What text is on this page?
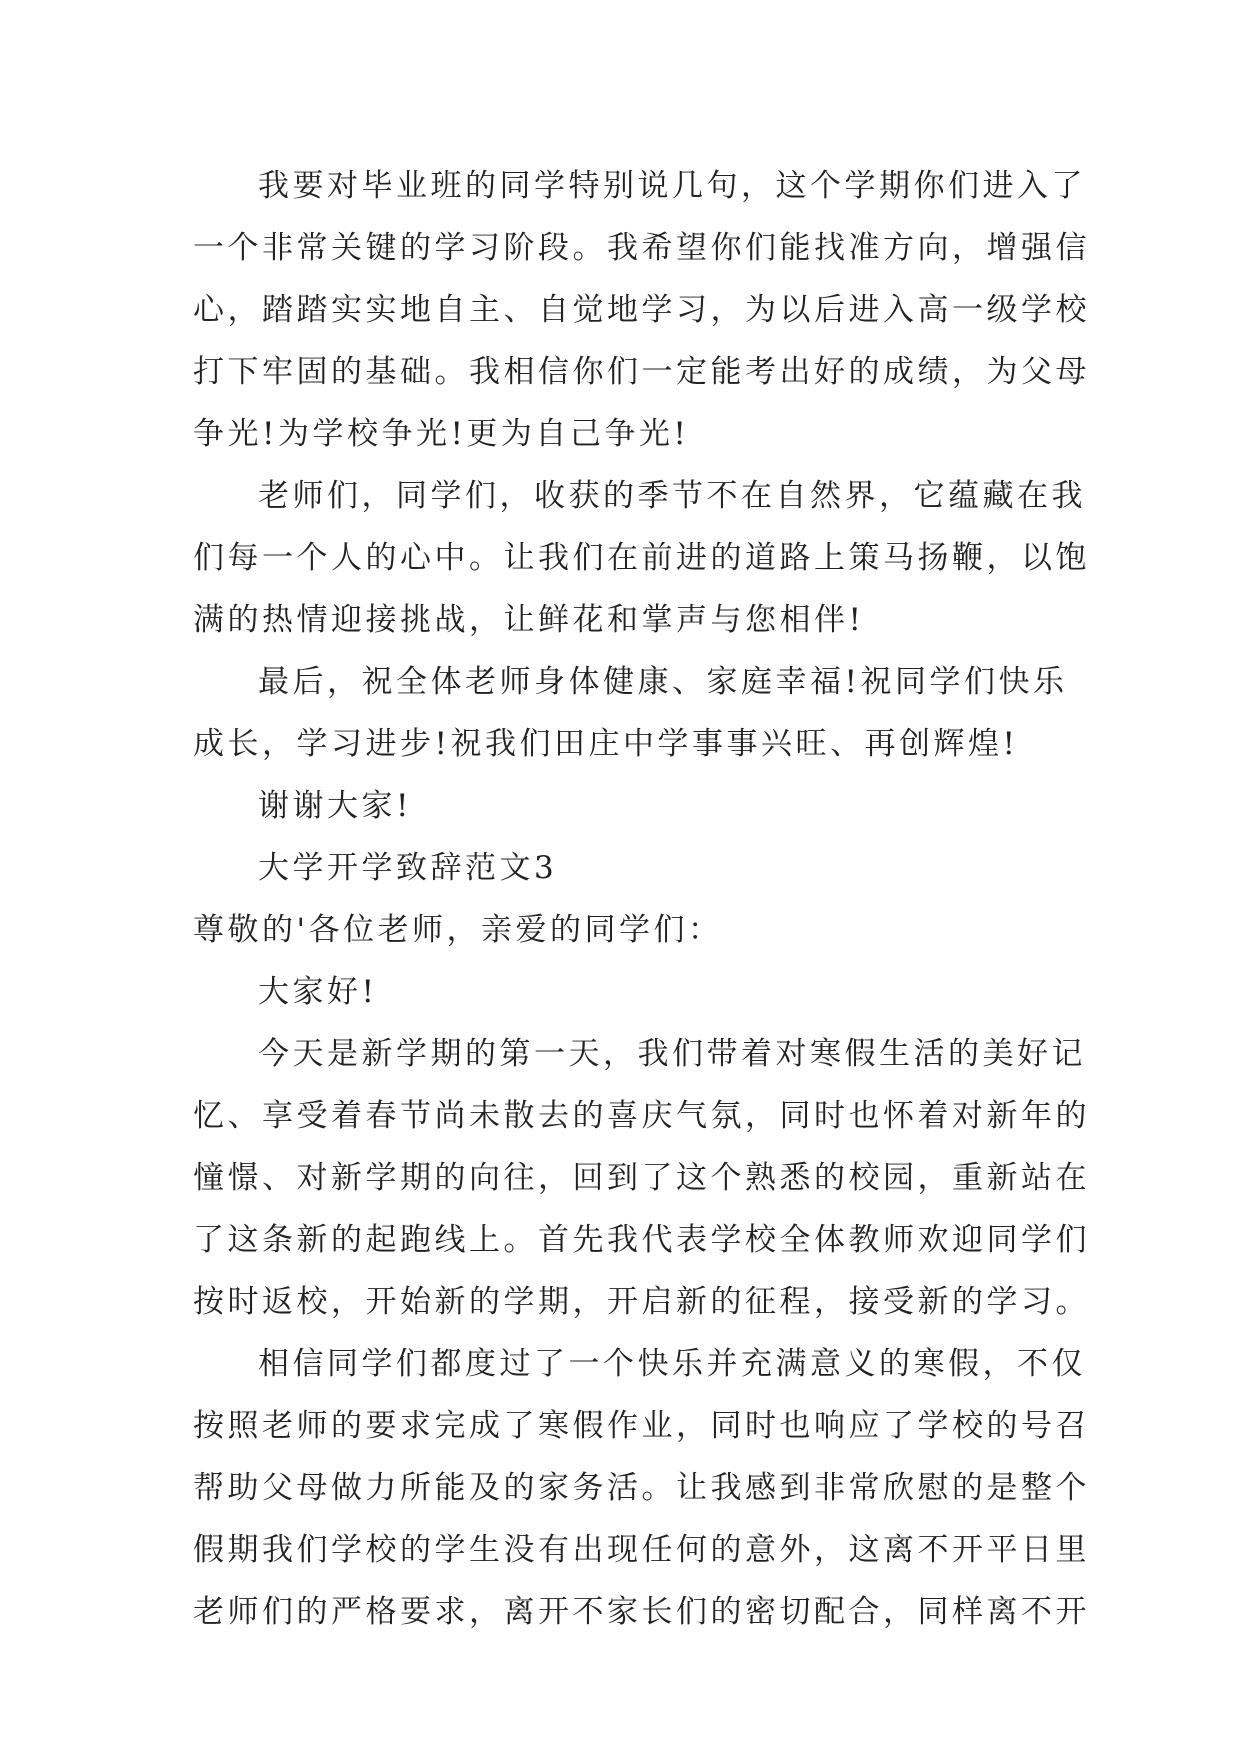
我要对毕业班的同学特别说几句，这个学期你们进入了
一个非常关键的学习阶段。我希望你们能找准方向，增强信
心，踏踏实实地自主、自觉地学习，为以后进入高一级学校
打下牢固的基础。我相信你们一定能考出好的成绩，为父母
争光!为学校争光!更为自己争光!
老师们，同学们，收获的季节不在自然界，它蕴藏在我
们每一个人的心中。让我们在前进的道路上策马扬鞭，以饱
满的热情迎接挑战，让鲜花和掌声与您相伴!
最后，祝全体老师身体健康、家庭幸福!祝同学们快乐
成长，学习进步!祝我们田庄中学事事兴旺、再创辉煌!
谢谢大家!
大学开学致辞范文3
尊敬的'各位老师，亲爱的同学们：
大家好!
今天是新学期的第一天，我们带着对寒假生活的美好记
忆、享受着春节尚未散去的喜庆气氛，同时也怀着对新年的
憧憬、对新学期的向往，回到了这个熟悉的校园，重新站在
了这条新的起跑线上。首先我代表学校全体教师欢迎同学们
按时返校，开始新的学期，开启新的征程，接受新的学习。
相信同学们都度过了一个快乐并充满意义的寒假，不仅
按照老师的要求完成了寒假作业，同时也响应了学校的号召
帮助父母做力所能及的家务活。让我感到非常欣慰的是整个
假期我们学校的学生没有出现任何的意外，这离不开平日里
老师们的严格要求，离开不家长们的密切配合，同样离不开
